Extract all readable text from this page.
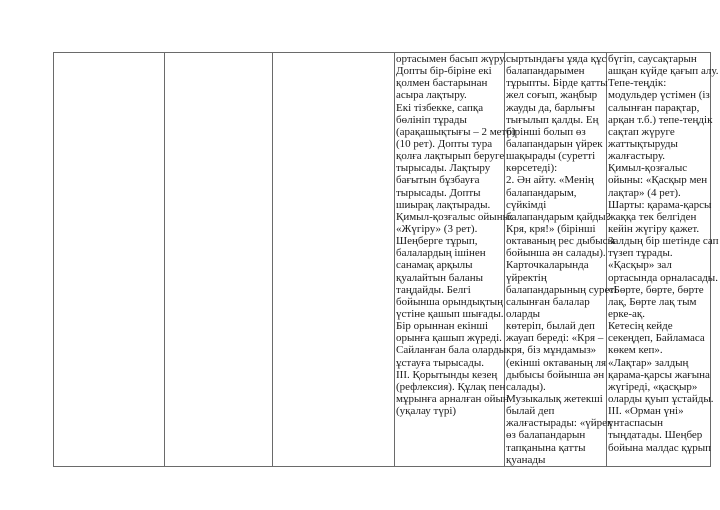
ортасымен басып жүру.
Допты бір-біріне екі
қолмен бастарынан
асыра лақтыру.
Екі тізбекке, сапқа
бөлініп тұрады
(арақашықтығы – 2 метр)
(10 рет). Допты тура
қолға лақтырып беруге
тырысады. Лақтыру
бағытын бұзбауға
тырысады. Допты
шиырақ лақтырады.
Қимыл-қозғалыс ойыны:
«Жүгіру» (3 рет).
Шеңберге тұрып,
балалардың ішінен
санамақ арқылы
қуалайтын баланы
таңдайды. Белгі
бойынша орындықтың
үстіне қашып шығады.
Бір орыннан екінші
орынға қашып жүреді.
Сайланған бала оларды
ұстауға тырысады.
ІІІ. Қорытынды кезең
(рефлексия). Құлақ пен
мұрынға арналған ойын
(уқалау түрі)
сыртындағы ұяда құс
балапандарымен
тұрыпты. Бірде қатты
жел соғып, жаңбыр
жауды да, барлығы
тығылып қалды. Ең
бірінші болып өз
балапандарын үйрек
шақырады (суретті
көрсетеді):
2. Ән айту. «Менің
балапандарым,
сүйкімді
балапандарым қайды?
Кря, кря!» (бірінші
октаваның рес дыбысы
бойынша ән салады).
Карточкаларында
үйректің
балапандарының суреті
салынған балалар
оларды
көтеріп, былай деп
жауап береді: «Кря –
кря, біз мұндамыз»
(екінші октаваның ля
дыбысы бойынша ән
салады).
Музыкалық жетекші
былай деп
жалғастырады: «үйрек
өз балапандарын
тапқанына қатты
қуанады
бүгіп, саусақтарын
ашқан күйде қағып алу.
Тепе-теңдік:
модульдер үстімен (із
салынған парақтар,
арқан т.б.) тепе-теңдік
сақтап жүруге
жаттықтыруды
жалғастыру.
Қимыл-қозғалыс
ойыны: «Қасқыр мен
лақтар» (4 рет).
Шарты: қарама-қарсы
жаққа тек белгіден
кейін жүгіру қажет.
Залдың бір шетінде сап
түзеп тұрады.
«Қасқыр» зал
ортасында орналасады.
«Бөрте, бөрте, бөрте
лақ, Бөрте лақ тым
ерке-ақ.
Кетесің кейде
секеңдеп, Байламаса
көкем кеп».
«Лақтар» залдың
қарама-қарсы жағына
жүгіреді, «қасқыр»
оларды қуып ұстайды.
ІІІ. «Орман үні»
үнтаспасын
тыңдатады. Шеңбер
бойына малдас құрып
